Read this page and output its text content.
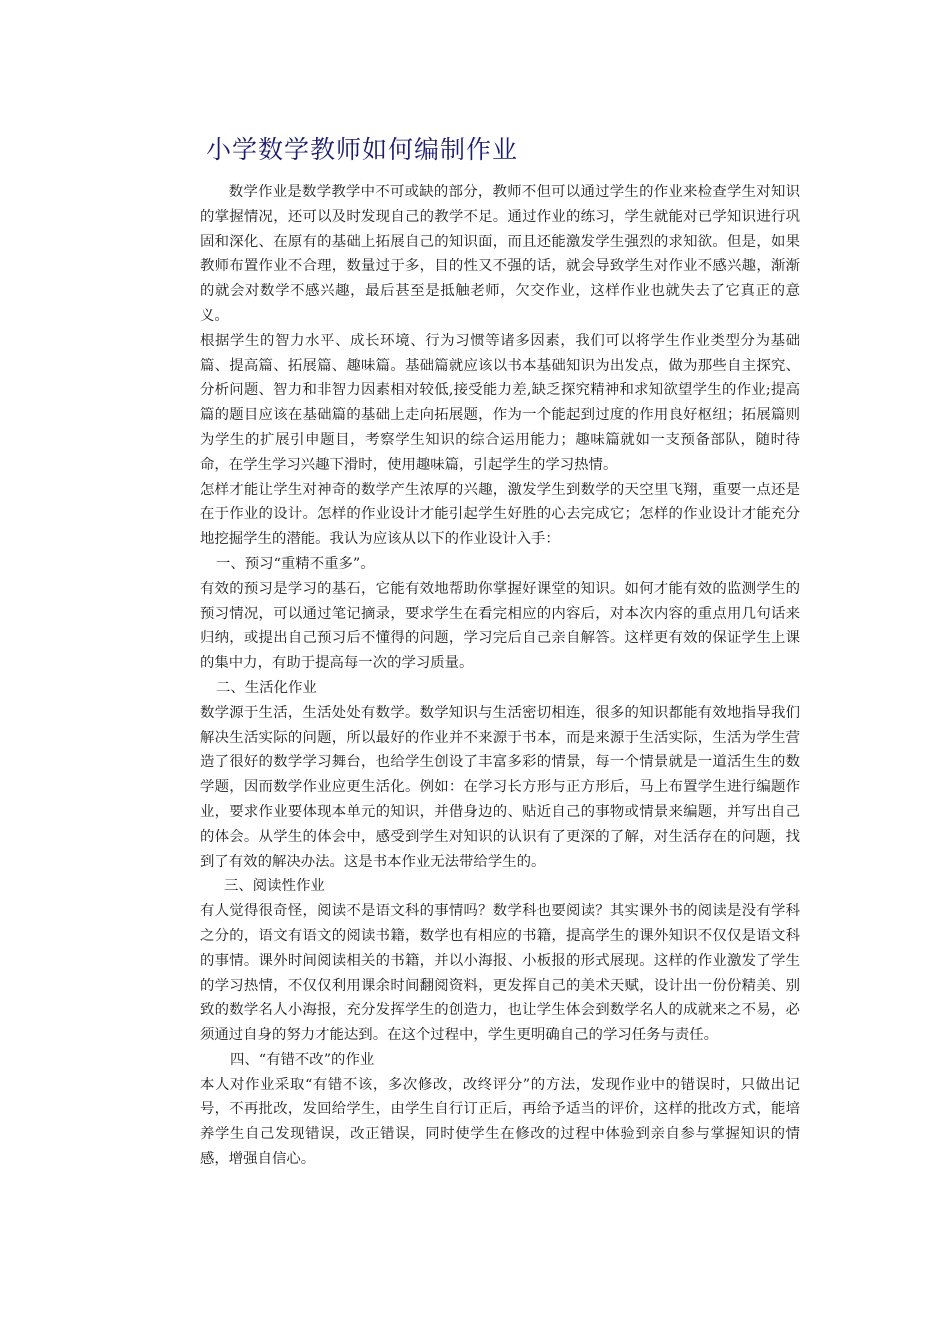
小学数学教师如何编制作业

数学作业是数学教学中不可或缺的部分，教师不但可以通过学生的作业来检查学生对知识的掌握情况，还可以及时发现自己的教学不足。通过作业的练习，学生就能对已学知识进行巩固和深化、在原有的基础上拓展自己的知识面，而且还能激发学生强烈的求知欲。但是，如果教师布置作业不合理，数量过于多，目的性又不强的话，就会导致学生对作业不感兴趣，渐渐的就会对数学不感兴趣，最后甚至是抵触老师，欠交作业，这样作业也就失去了它真正的意义。

根据学生的智力水平、成长环境、行为习惯等诸多因素，我们可以将学生作业类型分为基础篇、提高篇、拓展篇、趣味篇。基础篇就应该以书本基础知识为出发点，做为那些自主探究、分析问题、智力和非智力因素相对较低,接受能力差,缺乏探究精神和求知欲望学生的作业;提高篇的题目应该在基础篇的基础上走向拓展题，作为一个能起到过度的作用良好枢纽；拓展篇则为学生的扩展引申题目，考察学生知识的综合运用能力；趣味篇就如一支预备部队，随时待命，在学生学习兴趣下滑时，使用趣味篇，引起学生的学习热情。

怎样才能让学生对神奇的数学产生浓厚的兴趣，激发学生到数学的天空里飞翔，重要一点还是在于作业的设计。怎样的作业设计才能引起学生好胜的心去完成它；怎样的作业设计才能充分地挖掘学生的潜能。我认为应该从以下的作业设计入手：

一、预习“重精不重多”。

有效的预习是学习的基石，它能有效地帮助你掌握好课堂的知识。如何才能有效的监测学生的预习情况，可以通过笔记摘录，要求学生在看完相应的内容后，对本次内容的重点用几句话来归纳，或提出自己预习后不懂得的问题，学习完后自己亲自解答。这样更有效的保证学生上课的集中力，有助于提高每一次的学习质量。

二、生活化作业

数学源于生活，生活处处有数学。数学知识与生活密切相连，很多的知识都能有效地指导我们解决生活实际的问题，所以最好的作业并不来源于书本，而是来源于生活实际，生活为学生营造了很好的数学学习舞台，也给学生创设了丰富多彩的情景，每一个情景就是一道活生生的数学题，因而数学作业应更生活化。例如：在学习长方形与正方形后，马上布置学生进行编题作业，要求作业要体现本单元的知识，并借身边的、贴近自己的事物或情景来编题，并写出自己的体会。从学生的体会中，感受到学生对知识的认识有了更深的了解，对生活存在的问题，找到了有效的解决办法。这是书本作业无法带给学生的。

三、阅读性作业

有人觉得很奇怪，阅读不是语文科的事情吗？数学科也要阅读？其实课外书的阅读是没有学科之分的，语文有语文的阅读书籍，数学也有相应的书籍，提高学生的课外知识不仅仅是语文科的事情。课外时间阅读相关的书籍，并以小海报、小板报的形式展现。这样的作业激发了学生的学习热情，不仅仅利用课余时间翻阅资料，更发挥自己的美术天赋，设计出一份份精美、别致的数学名人小海报，充分发挥学生的创造力，也让学生体会到数学名人的成就来之不易，必须通过自身的努力才能达到。在这个过程中，学生更明确自己的学习任务与责任。

四、“有错不改”的作业

本人对作业采取“有错不该，多次修改，改终评分”的方法，发现作业中的错误时，只做出记号，不再批改，发回给学生，由学生自行订正后，再给予适当的评价，这样的批改方式，能培养学生自己发现错误，改正错误，同时使学生在修改的过程中体验到亲自参与掌握知识的情感，增强自信心。
